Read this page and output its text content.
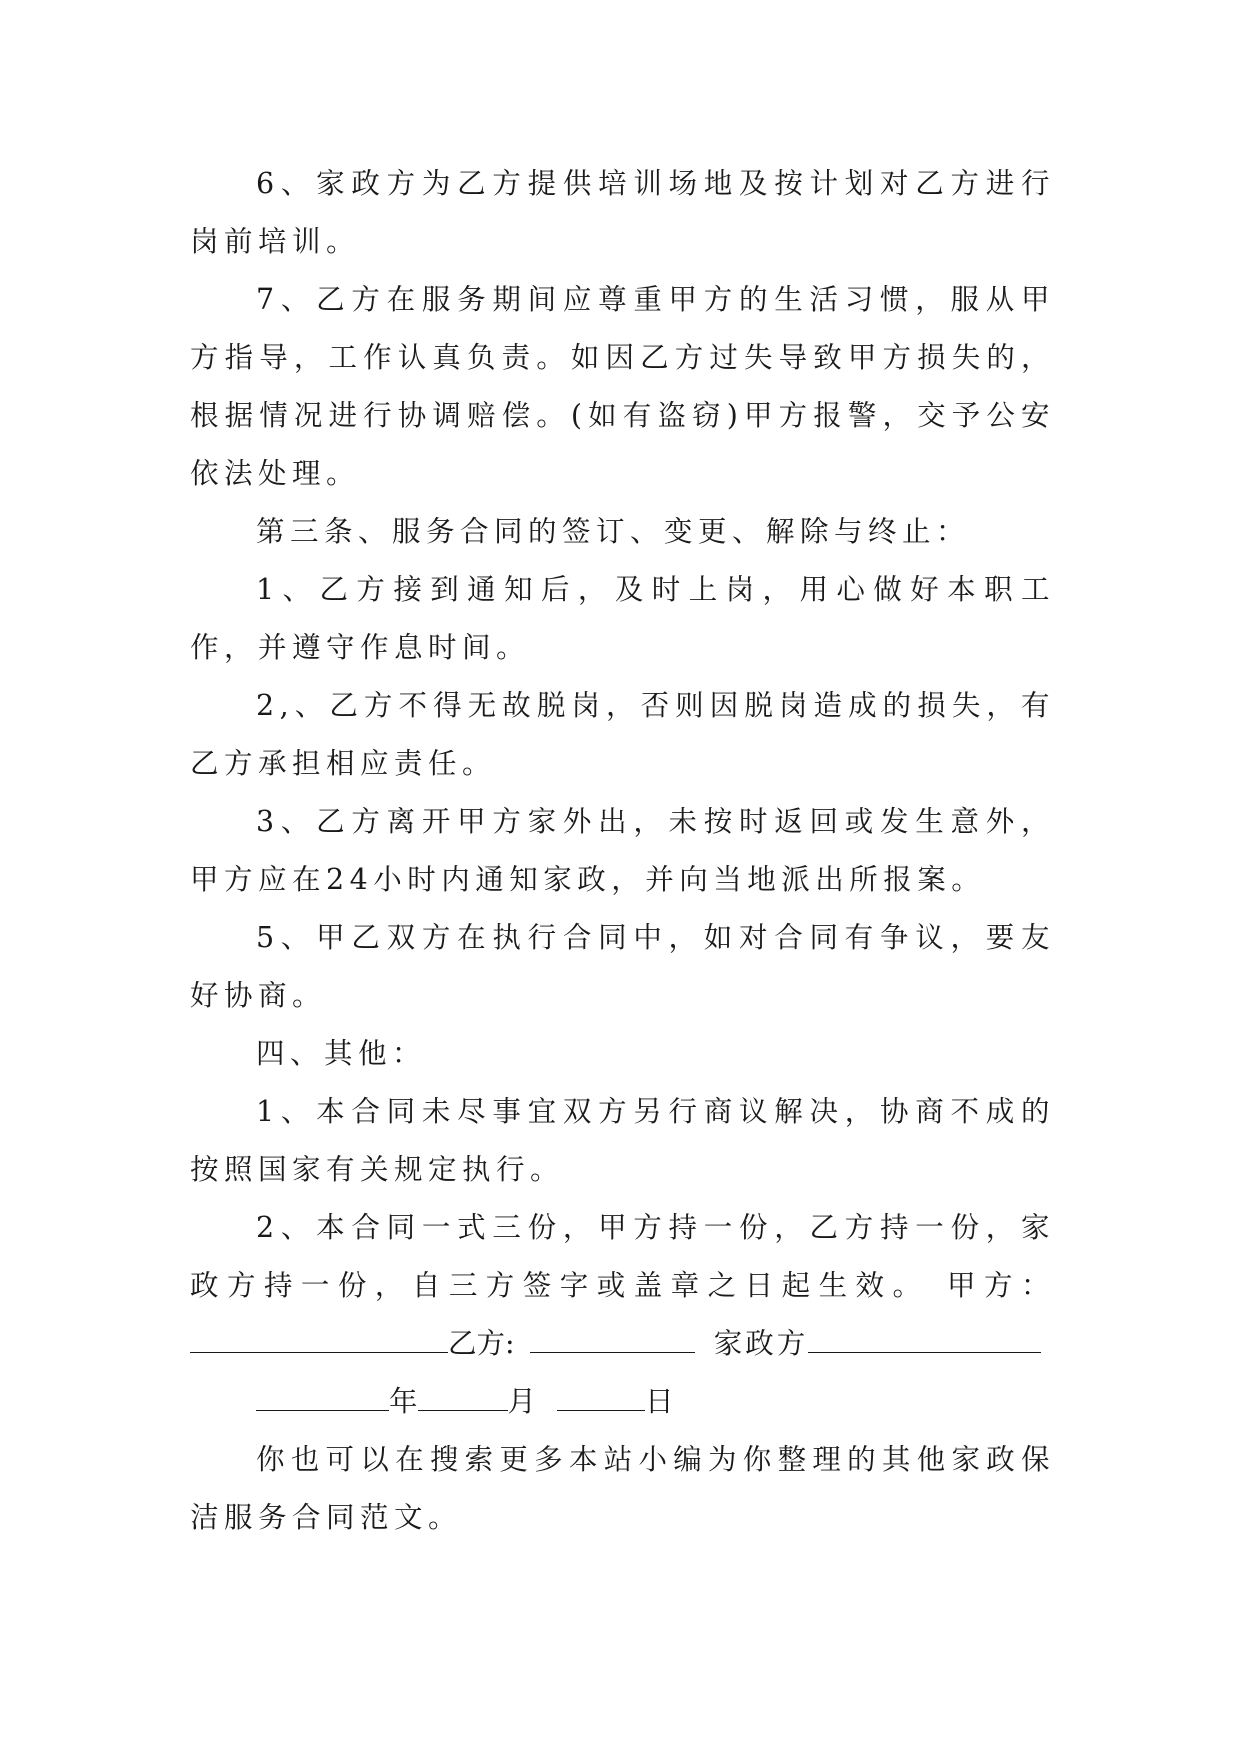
6、家政方为乙方提供培训场地及按计划对乙方进行岗前培训。

7、乙方在服务期间应尊重甲方的生活习惯，服从甲方指导，工作认真负责。如因乙方过失导致甲方损失的，根据情况进行协调赔偿。(如有盗窃)甲方报警，交予公安依法处理。

第三条、服务合同的签订、变更、解除与终止：

1、乙方接到通知后，及时上岗，用心做好本职工作，并遵守作息时间。

2,、乙方不得无故脱岗，否则因脱岗造成的损失，有乙方承担相应责任。

3、乙方离开甲方家外出，未按时返回或发生意外，甲方应在24小时内通知家政，并向当地派出所报案。

5、甲乙双方在执行合同中，如对合同有争议，要友好协商。

四、其他：

1、本合同未尽事宜双方另行商议解决，协商不成的按照国家有关规定执行。

2、本合同一式三份，甲方持一份，乙方持一份，家政方持一份，自三方签字或盖章之日起生效。 甲方：

乙方:	家政方

年	月	日

你也可以在搜索更多本站小编为你整理的其他家政保洁服务合同范文。
